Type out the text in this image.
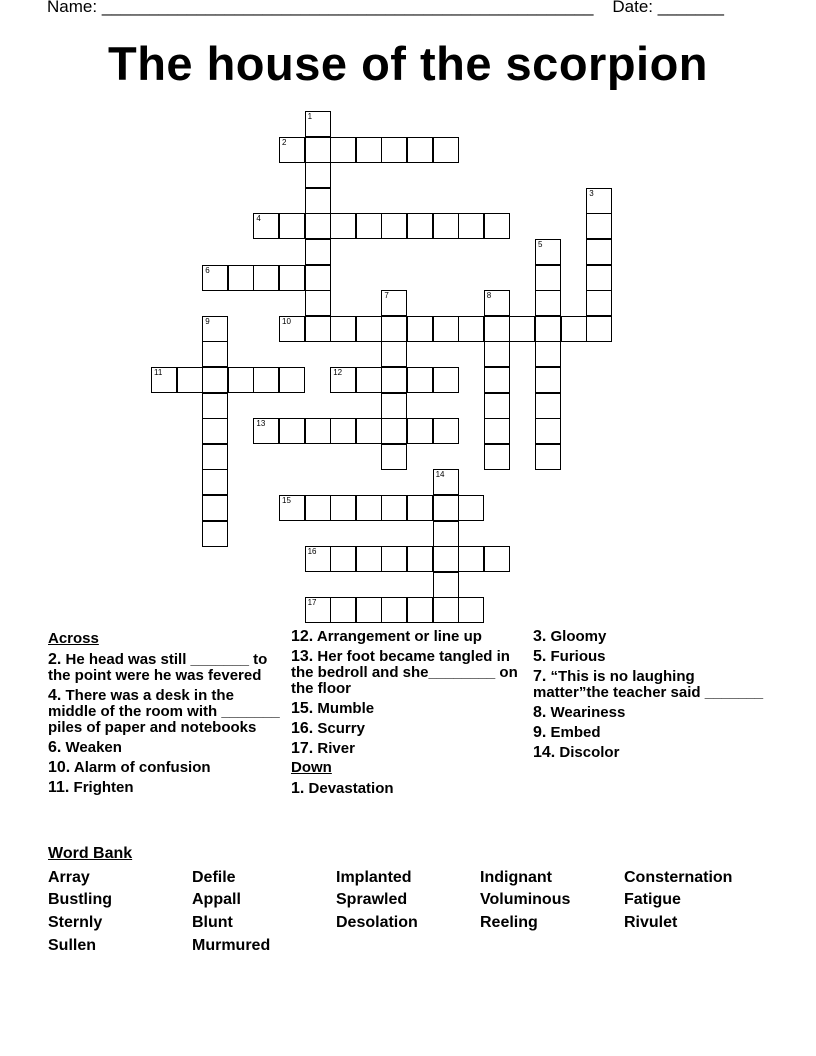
Name: ____________________________________________________ Date: _______
The house of the scorpion
1
2
3
4
5
6
7	8
9	10
11	12
13
14
15
16
17
Across
2. He head was still _______ to the point were he was fevered
4. There was a desk in the middle of the room with _______ piles of paper and notebooks
6. Weaken
10. Alarm of confusion
11. Frighten
12. Arrangement or line up
13. Her foot became tangled in the bedroll and she________ on the floor
15. Mumble
16. Scurry
17. River
Down
1. Devastation
3. Gloomy
5. Furious
7. “This is no laughing matter”the teacher said _______
8. Weariness
9. Embed
14. Discolor
Word Bank
Array	Defile	Implanted	Indignant	Consternation
Bustling	Appall	Sprawled	Voluminous	Fatigue
Sternly	Blunt	Desolation	Reeling	Rivulet
Sullen	Murmured
